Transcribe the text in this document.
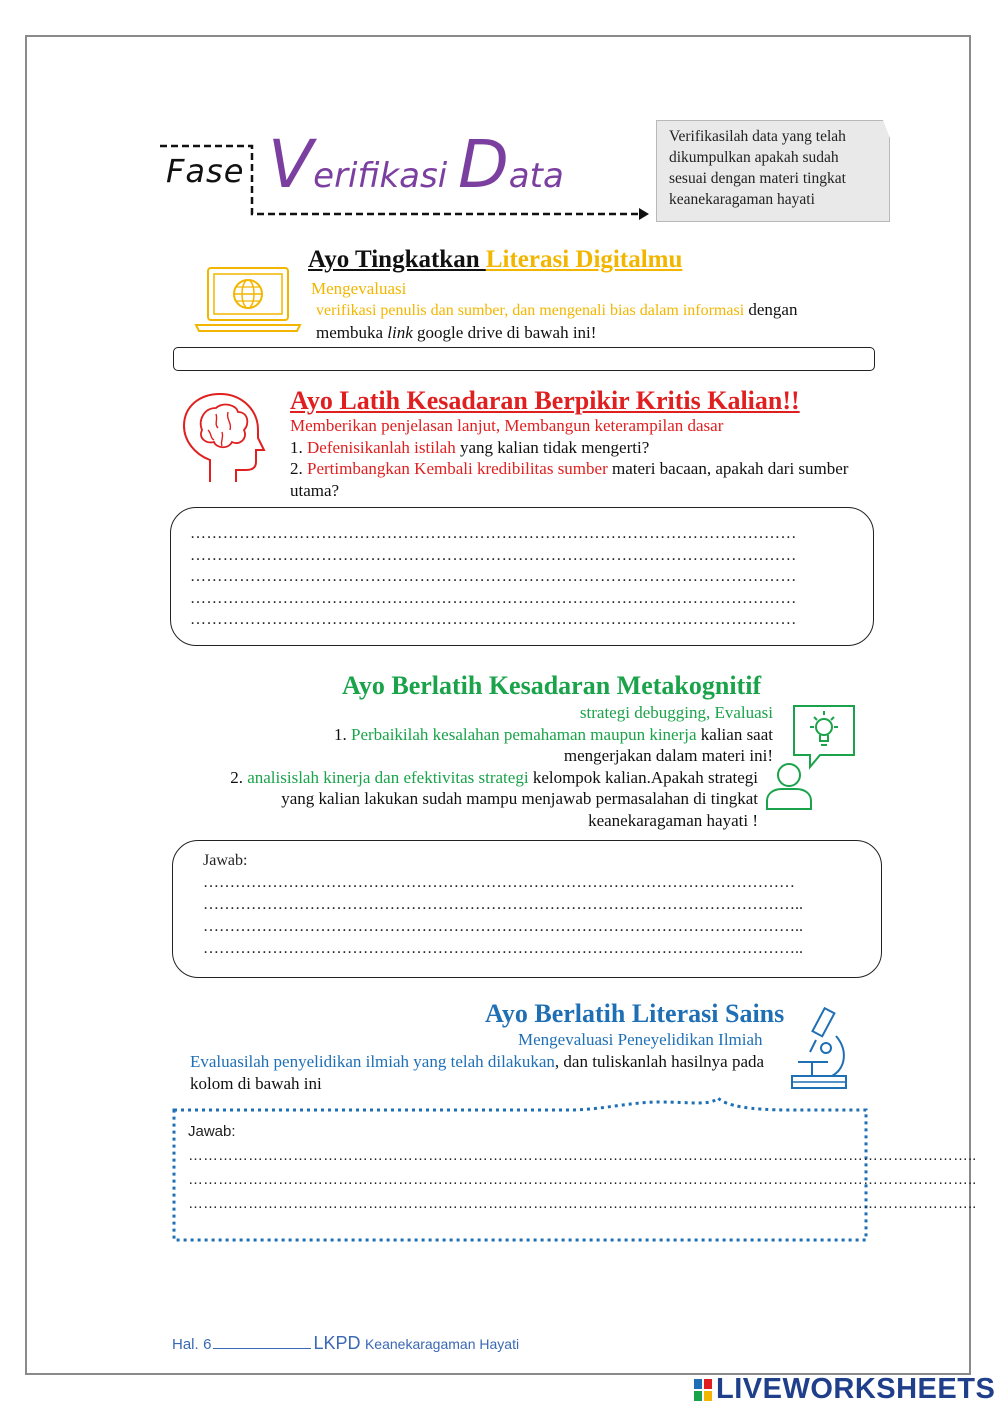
Fase Verifikasi Data
Verifikasilah data yang telah dikumpulkan apakah sudah sesuai dengan materi tingkat keanekaragaman hayati
Ayo Tingkatkan Literasi Digitalmu
Mengevaluasi
verifikasi penulis dan sumber, dan mengenali bias dalam informasi dengan membuka link google drive di bawah ini!
Ayo Latih Kesadaran Berpikir Kritis Kalian!!
Memberikan penjelasan lanjut, Membangun keterampilan dasar
1. Defenisikanlah istilah yang kalian tidak mengerti?
2. Pertimbangkan Kembali kredibilitas sumber materi bacaan, apakah dari sumber utama?
…………………………………………………………………………………………………
…………………………………………………………………………………………………
…………………………………………………………………………………………………
…………………………………………………………………………………………………
…………………………………………………………………………………………………
Ayo Berlatih Kesadaran Metakognitif
strategi debugging, Evaluasi
1. Perbaikilah kesalahan pemahaman maupun kinerja kalian saat mengerjakan dalam materi ini!
2. analisislah kinerja dan efektivitas strategi kelompok kalian.Apakah strategi yang kalian lakukan sudah mampu menjawab permasalahan di tingkat keanekaragaman hayati !
Jawab:
…………………………………………………………………………………………………
…………………………………………………………………………………………………..
…………………………………………………………………………………………………..
…………………………………………………………………………………………………..
Ayo Berlatih Literasi Sains
Mengevaluasi Peneyelidikan Ilmiah
Evaluasilah penyelidikan ilmiah yang telah dilakukan, dan tuliskanlah hasilnya pada kolom di bawah ini
Jawab:
…………………………………………………………………………………………………………………………………………..
…………………………………………………………………………………………………………………………………………..
…………………………………………………………………………………………………………………………………………..
Hal. 6	LKPD Keanekaragaman Hayati
LIVEWORKSHEETS
